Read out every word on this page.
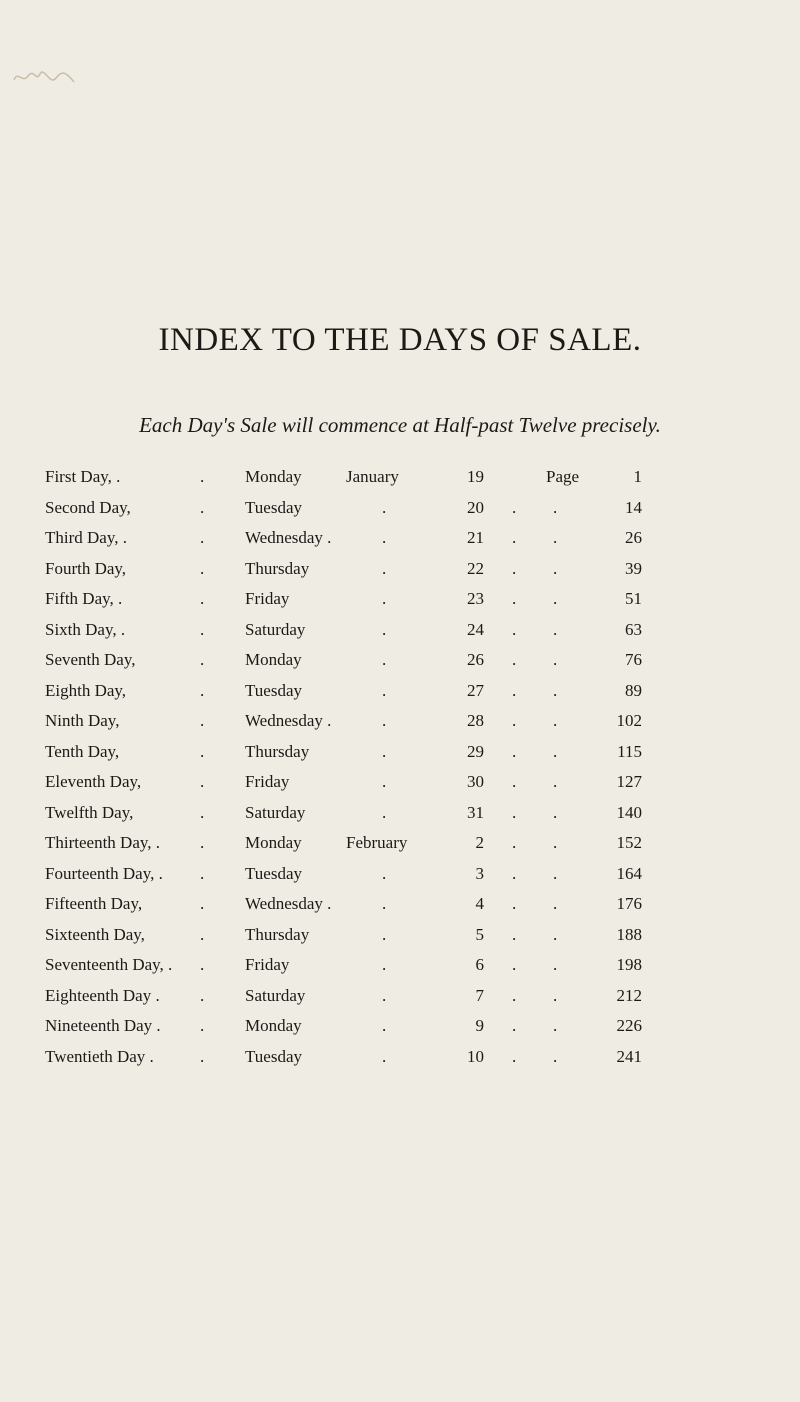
INDEX TO THE DAYS OF SALE.
Each Day's Sale will commence at Half-past Twelve precisely.
First Day, .	. Monday	January	19	Page	1
Second Day,	. Tuesday	.	20 .	14
.
Third Day, .	. Wednesday .	.	21 .	26
.
Fourth Day,	. Thursday	.	22 .	39
.
Fifth Day, .	. Friday	.	23 .	51
.
Sixth Day, .	. Saturday	.	24 .	63
.
Seventh Day,	. Monday	.	26 .	76
.
Eighth Day,	. Tuesday	.	27 .	89
.
Ninth Day,	. Wednesday .	.	28 .	102
.
Tenth Day,	. Thursday	.	29 .	115
.
Eleventh Day,	. Friday	.	30 .	127
.
Twelfth Day,	. Saturday	.	31 .	140
.
Thirteenth Day, . . Monday	February	2 .	152
.
Fourteenth Day, . . Tuesday	.	3 .	164
.
Fifteenth Day,	. Wednesday .	.	4 .	176
.
Sixteenth Day,	. Thursday	.	5 .	188
.
Seventeenth Day, . . Friday	.	6 .	198
.
Eighteenth Day . . Saturday	.	7 .	212
.
Nineteenth Day . . Monday	.	9 .	226
.
Twentieth Day .	. Tuesday	.	10 .	241
.
